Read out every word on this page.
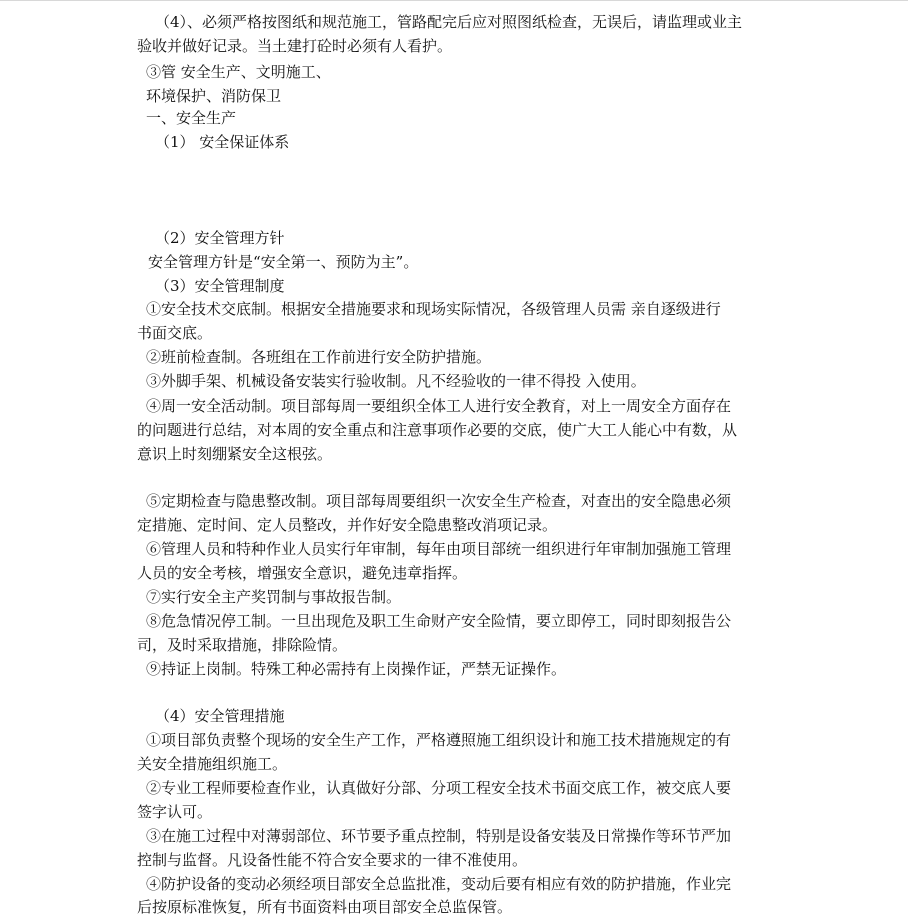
（4）、必须严格按图纸和规范施工，管路配完后应对照图纸检查，无误后，请监理或业主
验收并做好记录。当土建打砼时必须有人看护。
③管 安全生产、文明施工、
环境保护、消防保卫
一、安全生产
（1） 安全保证体系
（2）安全管理方针
安全管理方针是“安全第一、预防为主”。
（3）安全管理制度
①安全技术交底制。根据安全措施要求和现场实际情况，各级管理人员需 亲自逐级进行
书面交底。
②班前检查制。各班组在工作前进行安全防护措施。
③外脚手架、机械设备安装实行验收制。凡不经验收的一律不得投 入使用。
④周一安全活动制。项目部每周一要组织全体工人进行安全教育，对上一周安全方面存在
的问题进行总结，对本周的安全重点和注意事项作必要的交底，使广大工人能心中有数，从
意识上时刻绷紧安全这根弦。
⑤定期检查与隐患整改制。项目部每周要组织一次安全生产检查，对查出的安全隐患必须
定措施、定时间、定人员整改，并作好安全隐患整改消项记录。
⑥管理人员和特种作业人员实行年审制，每年由项目部统一组织进行年审制加强施工管理
人员的安全考核，增强安全意识，避免违章指挥。
⑦实行安全主产奖罚制与事故报告制。
⑧危急情况停工制。一旦出现危及职工生命财产安全险情，要立即停工，同时即刻报告公
司，及时采取措施，排除险情。
⑨持证上岗制。特殊工种必需持有上岗操作证，严禁无证操作。
（4）安全管理措施
①项目部负责整个现场的安全生产工作，严格遵照施工组织设计和施工技术措施规定的有
关安全措施组织施工。
②专业工程师要检查作业，认真做好分部、分项工程安全技术书面交底工作，被交底人要
签字认可。
③在施工过程中对薄弱部位、环节要予重点控制，特别是设备安装及日常操作等环节严加
控制与监督。凡设备性能不符合安全要求的一律不准使用。
④防护设备的变动必须经项目部安全总监批准，变动后要有相应有效的防护措施，作业完
后按原标准恢复，所有书面资料由项目部安全总监保管。
